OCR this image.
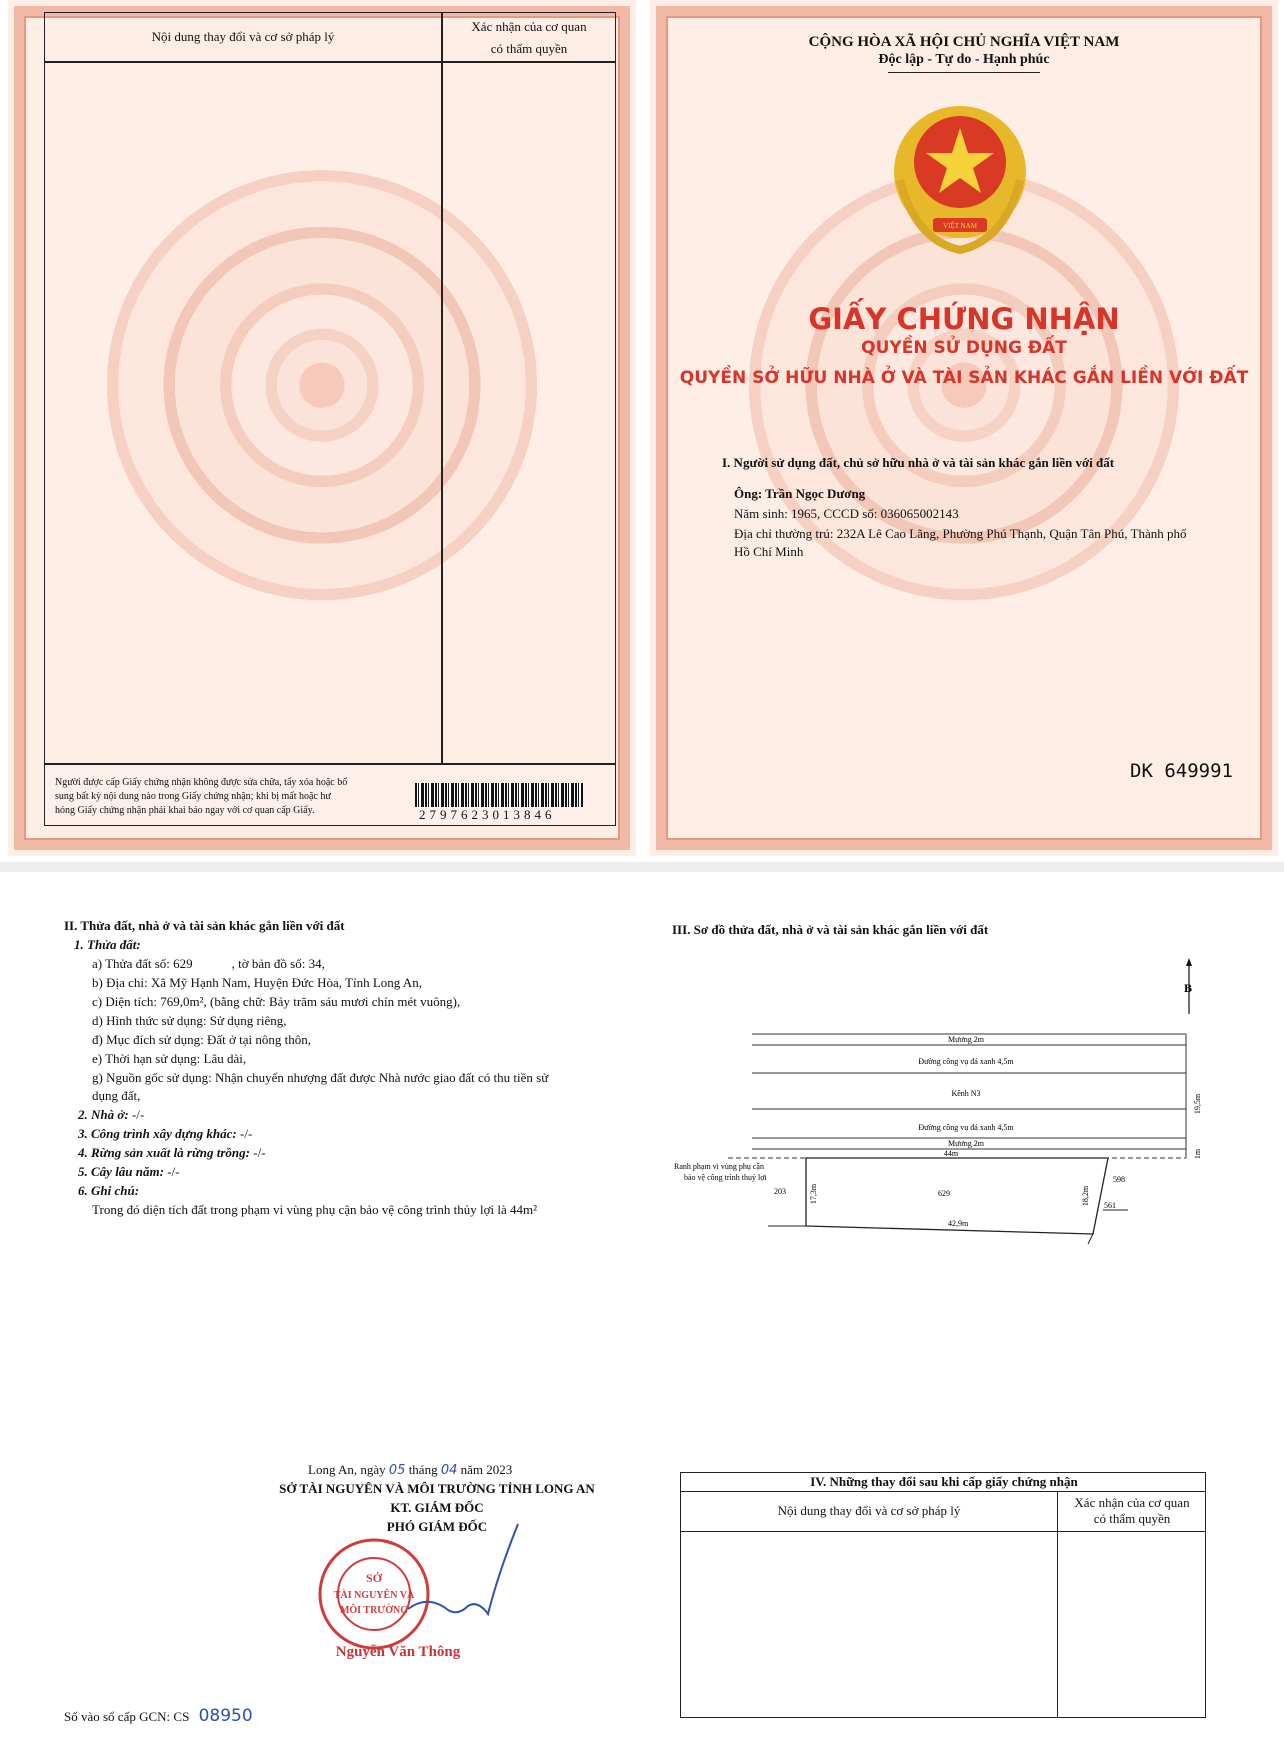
Nội dung thay đổi và cơ sở pháp lý
Xác nhận của cơ quan
có thẩm quyền
Người được cấp Giấy chứng nhận không được sửa chữa, tẩy xóa hoặc bổ
sung bất kỳ nội dung nào trong Giấy chứng nhận; khi bị mất hoặc hư
hỏng Giấy chứng nhận phải khai báo ngay với cơ quan cấp Giấy.	2797623013846
CỘNG HÒA XÃ HỘI CHỦ NGHĨA VIỆT NAM
Độc lập - Tự do - Hạnh phúc
VIỆT NAM
GIẤY CHỨNG NHẬN
QUYỀN SỬ DỤNG ĐẤT
QUYỀN SỞ HỮU NHÀ Ở VÀ TÀI SẢN KHÁC GẮN LIỀN VỚI ĐẤT
I. Người sử dụng đất, chủ sở hữu nhà ở và tài sản khác gắn liền với đất
Ông: Trần Ngọc Dương
Năm sinh: 1965, CCCD số: 036065002143
Địa chỉ thường trú: 232A Lê Cao Lãng, Phường Phú Thạnh, Quận Tân Phú, Thành phố
Hồ Chí Minh
DK 649991
II. Thửa đất, nhà ở và tài sản khác gắn liền với đất
1. Thửa đất:
a) Thửa đất số: 629            , tờ bản đồ số: 34,
b) Địa chỉ: Xã Mỹ Hạnh Nam, Huyện Đức Hòa, Tỉnh Long An,
c) Diện tích: 769,0m², (bằng chữ: Bảy trăm sáu mươi chín mét vuông),
d) Hình thức sử dụng: Sử dụng riêng,
đ) Mục đích sử dụng: Đất ở tại nông thôn,
e) Thời hạn sử dụng: Lâu dài,
g) Nguồn gốc sử dụng: Nhận chuyển nhượng đất được Nhà nước giao đất có thu tiền sử
dụng đất,
2. Nhà ở: -/-
3. Công trình xây dựng khác: -/-
4. Rừng sản xuất là rừng trồng: -/-
5. Cây lâu năm: -/-
6. Ghi chú:
Trong đó diện tích đất trong phạm vi vùng phụ cận bảo vệ công trình thủy lợi là 44m²
Long An, ngày 05 tháng 04 năm 2023
SỞ TÀI NGUYÊN VÀ MÔI TRƯỜNG TỈNH LONG AN
KT. GIÁM ĐỐC
PHÓ GIÁM ĐỐC
SỞ
TÀI NGUYÊN VÀ
MÔI TRƯỜNG
Nguyễn Văn Thông
Số vào sổ cấp GCN: CS 08950
III. Sơ đồ thửa đất, nhà ở và tài sản khác gắn liền với đất
B
Mương 2m
Đường công vụ đá xanh 4,5m
Kênh N3
Đường công vụ đá xanh 4,5m
Mương 2m
44m
19,5m
1m
Ranh phạm vi vùng phụ cận
bảo vệ công trình thuỷ lợi
203	17,3m	629	18,2m
598
561
42,9m
IV. Những thay đổi sau khi cấp giấy chứng nhận
Nội dung thay đổi và cơ sở pháp lý
Xác nhận của cơ quan
có thẩm quyền
